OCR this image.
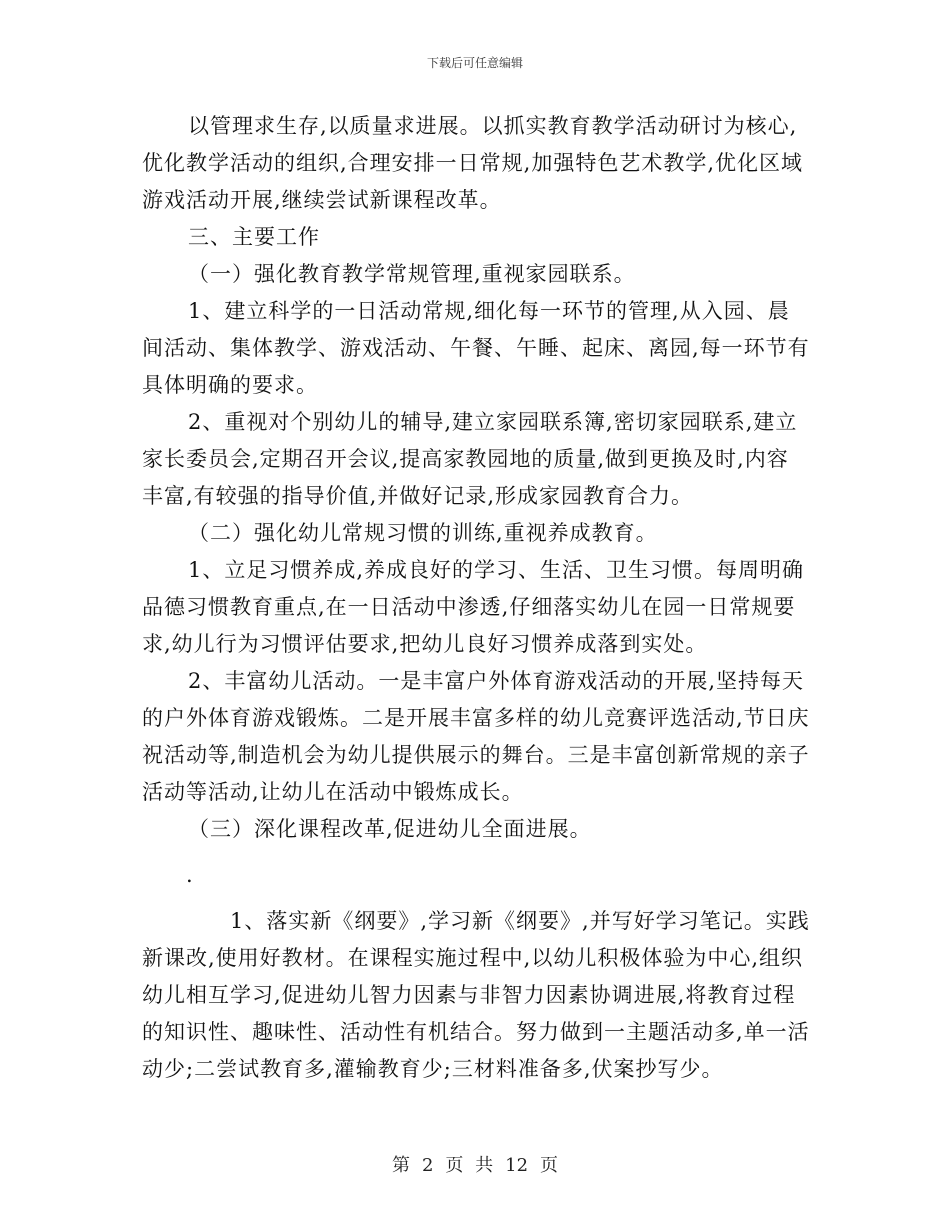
下载后可任意编辑

以管理求生存,以质量求进展。以抓实教育教学活动研讨为核心,优化教学活动的组织,合理安排一日常规,加强特色艺术教学,优化区域游戏活动开展,继续尝试新课程改革。

三、主要工作

（一）强化教育教学常规管理,重视家园联系。

1、建立科学的一日活动常规,细化每一环节的管理,从入园、晨间活动、集体教学、游戏活动、午餐、午睡、起床、离园,每一环节有具体明确的要求。

2、重视对个别幼儿的辅导,建立家园联系簿,密切家园联系,建立家长委员会,定期召开会议,提高家教园地的质量,做到更换及时,内容丰富,有较强的指导价值,并做好记录,形成家园教育合力。

（二）强化幼儿常规习惯的训练,重视养成教育。

1、立足习惯养成,养成良好的学习、生活、卫生习惯。每周明确品德习惯教育重点,在一日活动中渗透,仔细落实幼儿在园一日常规要求,幼儿行为习惯评估要求,把幼儿良好习惯养成落到实处。

2、丰富幼儿活动。一是丰富户外体育游戏活动的开展,坚持每天的户外体育游戏锻炼。二是开展丰富多样的幼儿竞赛评选活动,节日庆祝活动等,制造机会为幼儿提供展示的舞台。三是丰富创新常规的亲子活动等活动,让幼儿在活动中锻炼成长。

（三）深化课程改革,促进幼儿全面进展。

.

1、落实新《纲要》,学习新《纲要》,并写好学习笔记。实践新课改,使用好教材。在课程实施过程中,以幼儿积极体验为中心,组织幼儿相互学习,促进幼儿智力因素与非智力因素协调进展,将教育过程的知识性、趣味性、活动性有机结合。努力做到一主题活动多,单一活动少;二尝试教育多,灌输教育少;三材料准备多,伏案抄写少。

第 2 页 共 12 页
